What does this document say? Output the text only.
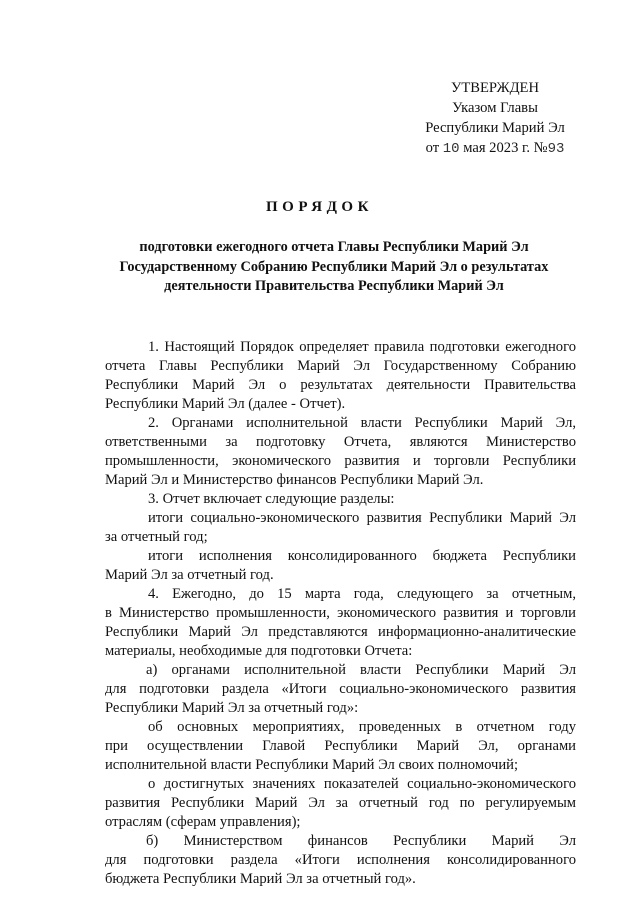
УТВЕРЖДЕН
Указом Главы
Республики Марий Эл
от 10 мая 2023 г. №93
ПОРЯДОК
подготовки ежегодного отчета Главы Республики Марий Эл
Государственному Собранию Республики Марий Эл о результатах
деятельности Правительства Республики Марий Эл
1. Настоящий Порядок определяет правила подготовки ежегодного
отчета Главы Республики Марий Эл Государственному Собранию
Республики Марий Эл о результатах деятельности Правительства
Республики Марий Эл (далее - Отчет).
2. Органами исполнительной власти Республики Марий Эл,
ответственными за подготовку Отчета, являются Министерство
промышленности, экономического развития и торговли Республики
Марий Эл и Министерство финансов Республики Марий Эл.
3. Отчет включает следующие разделы:
итоги социально-экономического развития Республики Марий Эл
за отчетный год;
итоги исполнения консолидированного бюджета Республики
Марий Эл за отчетный год.
4. Ежегодно, до 15 марта года, следующего за отчетным,
в Министерство промышленности, экономического развития и торговли
Республики Марий Эл представляются информационно-аналитические
материалы, необходимые для подготовки Отчета:
а) органами исполнительной власти Республики Марий Эл
для подготовки раздела «Итоги социально-экономического развития
Республики Марий Эл за отчетный год»:
об основных мероприятиях, проведенных в отчетном году
при осуществлении Главой Республики Марий Эл, органами
исполнительной власти Республики Марий Эл своих полномочий;
о достигнутых значениях показателей социально-экономического
развития Республики Марий Эл за отчетный год по регулируемым
отраслям (сферам управления);
б) Министерством финансов Республики Марий Эл
для подготовки раздела «Итоги исполнения консолидированного
бюджета Республики Марий Эл за отчетный год».
